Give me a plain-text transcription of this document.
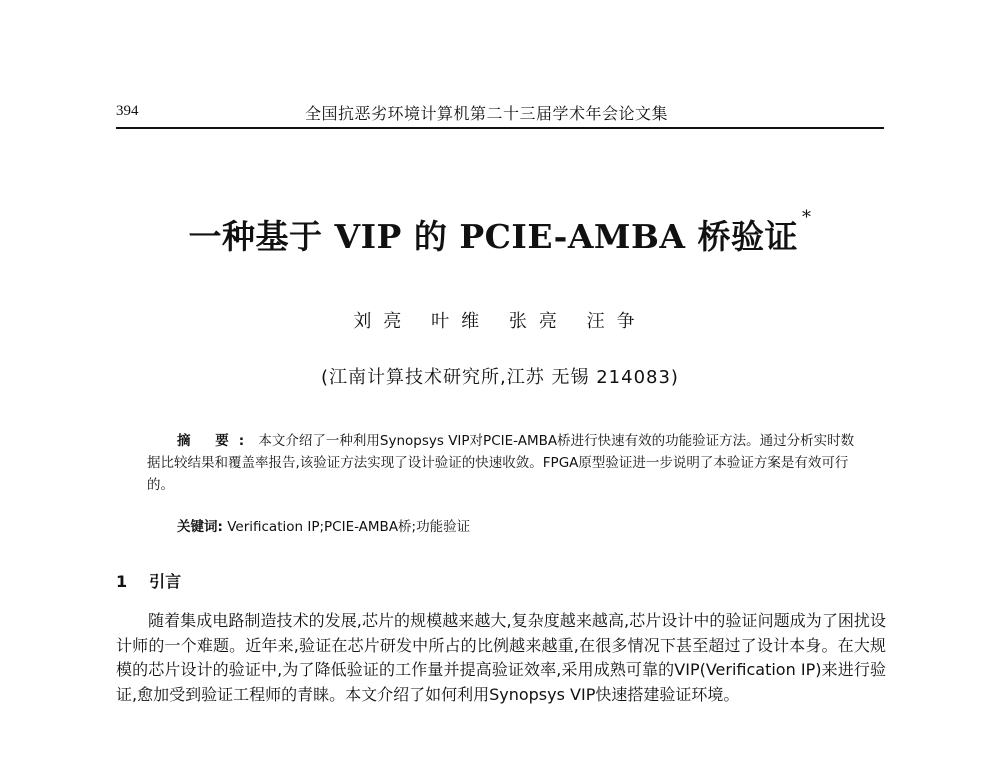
394	全国抗恶劣环境计算机第二十三届学术年会论文集
一种基于 VIP 的 PCIE-AMBA 桥验证 *
刘亮 叶维 张亮 汪争
(江南计算技术研究所,江苏 无锡 214083)
摘 要: 本文介绍了一种利用Synopsys VIP对PCIE-AMBA桥进行快速有效的功能验证方法。通过分析实时数据比较结果和覆盖率报告,该验证方法实现了设计验证的快速收敛。FPGA原型验证进一步说明了本验证方案是有效可行的。
关键词: Verification IP;PCIE-AMBA桥;功能验证
1 引言
随着集成电路制造技术的发展,芯片的规模越来越大,复杂度越来越高,芯片设计中的验证问题成为了困扰设计师的一个难题。近年来,验证在芯片研发中所占的比例越来越重,在很多情况下甚至超过了设计本身。在大规模的芯片设计的验证中,为了降低验证的工作量并提高验证效率,采用成熟可靠的VIP(Verification IP)来进行验证,愈加受到验证工程师的青睐。本文介绍了如何利用Synopsys VIP快速搭建验证环境。
